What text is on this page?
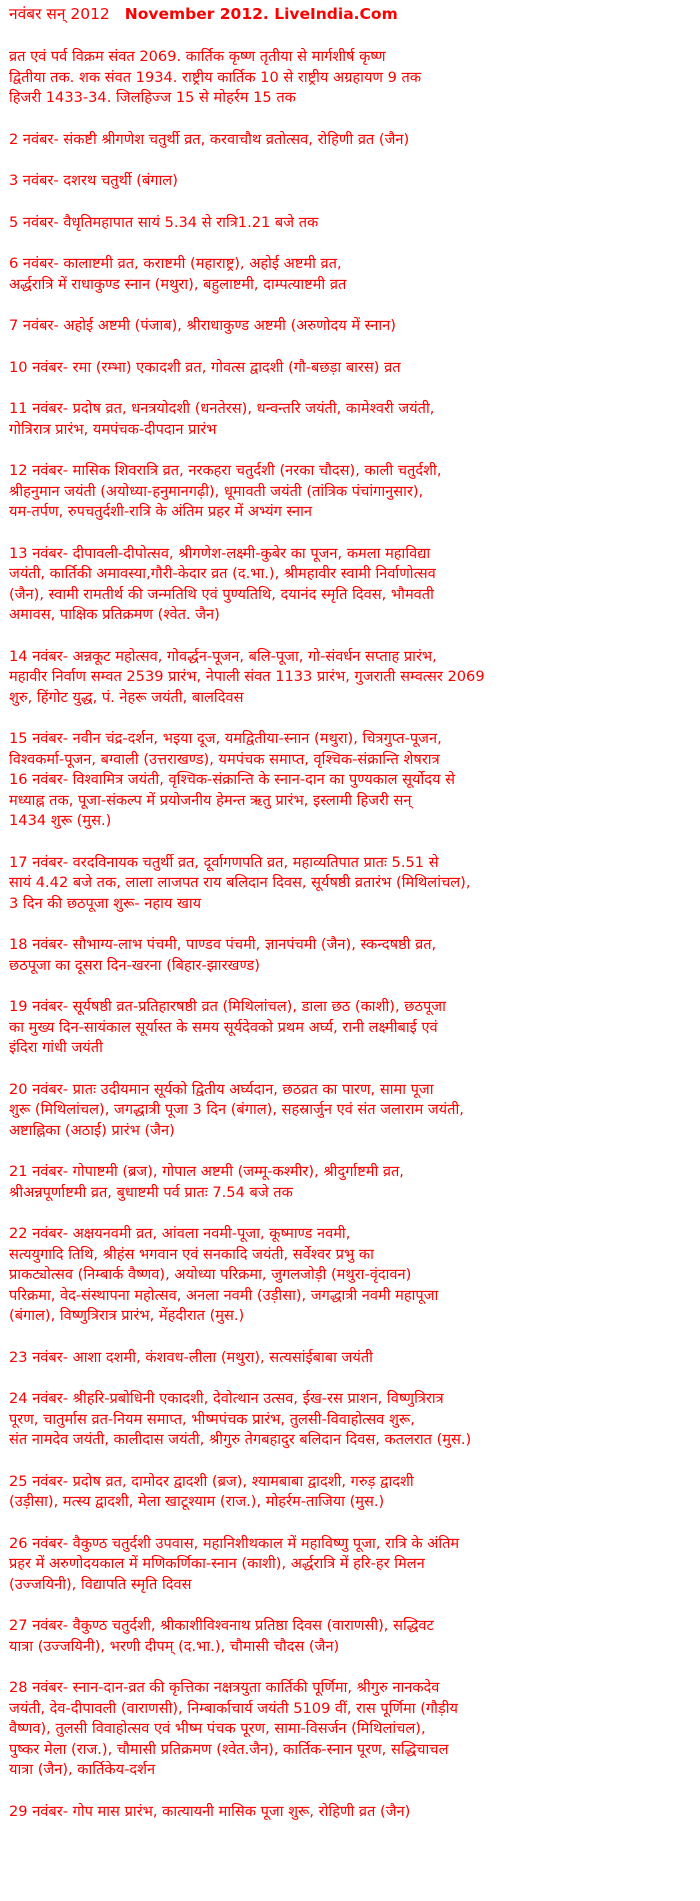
नवंबर सन् 2012 November 2012. LiveIndia.Com

व्रत एवं पर्व विक्रम संवत 2069. कार्तिक कृष्ण तृतीया से मार्गशीर्ष कृष्ण
द्वितीया तक. शक संवत 1934. राष्ट्रीय कार्तिक 10 से राष्ट्रीय अग्रहायण 9 तक
हिजरी 1433-34. जिलहिज्ज 15 से मोहर्रम 15 तक

2 नवंबर- संकष्टी श्रीगणेश चतुर्थी व्रत, करवाचौथ व्रतोत्सव, रोहिणी व्रत (जैन)

3 नवंबर- दशरथ चतुर्थी (बंगाल)

5 नवंबर- वैधृतिमहापात सायं 5.34 से रात्रि1.21 बजे तक

6 नवंबर- कालाष्टमी व्रत, कराष्टमी (महाराष्ट्र), अहोई अष्टमी व्रत,
अर्द्धरात्रि में राधाकुण्ड स्नान (मथुरा), बहुलाष्टमी, दाम्पत्याष्टमी व्रत

7 नवंबर- अहोई अष्टमी (पंजाब), श्रीराधाकुण्ड अष्टमी (अरुणोदय में स्नान)

10 नवंबर- रमा (रम्भा) एकादशी व्रत, गोवत्स द्वादशी (गौ-बछड़ा बारस) व्रत

11 नवंबर- प्रदोष व्रत, धनत्रयोदशी (धनतेरस), धन्वन्तरि जयंती, कामेश्वरी जयंती,
गोत्रिरात्र प्रारंभ, यमपंचक-दीपदान प्रारंभ

12 नवंबर- मासिक शिवरात्रि व्रत, नरकहरा चतुर्दशी (नरका चौदस), काली चतुर्दशी,
श्रीहनुमान जयंती (अयोध्या-हनुमानगढ़ी), धूमावती जयंती (तांत्रिक पंचांगानुसार),
यम-तर्पण, रुपचतुर्दशी-रात्रि के अंतिम प्रहर में अभ्यंग स्नान

13 नवंबर- दीपावली-दीपोत्सव, श्रीगणेश-लक्ष्मी-कुबेर का पूजन, कमला महाविद्या
जयंती, कार्तिकी अमावस्या,गौरी-केदार व्रत (द.भा.), श्रीमहावीर स्वामी निर्वाणोत्सव
(जैन), स्वामी रामतीर्थ की जन्मतिथि एवं पुण्यतिथि, दयानंद स्मृति दिवस, भौमवती
अमावस, पाक्षिक प्रतिक्रमण (श्वेत. जैन)

14 नवंबर- अन्नकूट महोत्सव, गोवर्द्धन-पूजन, बलि-पूजा, गो-संवर्धन सप्ताह प्रारंभ,
महावीर निर्वाण सम्वत 2539 प्रारंभ, नेपाली संवत 1133 प्रारंभ, गुजराती सम्वत्सर 2069
शुरु, हिंगोट युद्ध, पं. नेहरू जयंती, बालदिवस

15 नवंबर- नवीन चंद्र-दर्शन, भइया दूज, यमद्वितीया-स्नान (मथुरा), चित्रगुप्त-पूजन,
विश्वकर्मा-पूजन, बग्वाली (उत्तराखण्ड), यमपंचक समाप्त, वृश्चिक-संक्रान्ति शेषरात्र

16 नवंबर- विश्वामित्र जयंती, वृश्चिक-संक्रान्ति के स्नान-दान का पुण्यकाल सूर्योदय से
मध्याह्न तक, पूजा-संकल्प में प्रयोजनीय हेमन्त ऋतु प्रारंभ, इस्लामी हिजरी सन्
1434 शुरू (मुस.)

17 नवंबर- वरदविनायक चतुर्थी व्रत, दूर्वागणपति व्रत, महाव्यतिपात प्रातः 5.51 से
सायं 4.42 बजे तक, लाला लाजपत राय बलिदान दिवस, सूर्यषष्ठी व्रतारंभ (मिथिलांचल),
3 दिन की छठपूजा शुरू- नहाय खाय

18 नवंबर- सौभाग्य-लाभ पंचमी, पाण्डव पंचमी, ज्ञानपंचमी (जैन), स्कन्दषष्ठी व्रत,
छठपूजा का दूसरा दिन-खरना (बिहार-झारखण्ड)

19 नवंबर- सूर्यषष्ठी व्रत-प्रतिहारषष्ठी व्रत (मिथिलांचल), डाला छठ (काशी), छठपूजा
का मुख्य दिन-सायंकाल सूर्यास्त के समय सूर्यदेवको प्रथम अर्घ्य, रानी लक्ष्मीबाई एवं
इंदिरा गांधी जयंती

20 नवंबर- प्रातः उदीयमान सूर्यको द्वितीय अर्घ्यदान, छठव्रत का पारण, सामा पूजा
शुरू (मिथिलांचल), जगद्धात्री पूजा 3 दिन (बंगाल), सहस्रार्जुन एवं संत जलाराम जयंती,
अष्टाह्निका (अठाई) प्रारंभ (जैन)

21 नवंबर- गोपाष्टमी (ब्रज), गोपाल अष्टमी (जम्मू-कश्मीर), श्रीदुर्गाष्टमी व्रत,
श्रीअन्नपूर्णाष्टमी व्रत, बुधाष्टमी पर्व प्रातः 7.54 बजे तक

22 नवंबर- अक्षयनवमी व्रत, आंवला नवमी-पूजा, कूष्माण्ड नवमी,
सत्ययुगादि तिथि, श्रीहंस भगवान एवं सनकादि जयंती, सर्वेश्वर प्रभु का
प्राकट्योत्सव (निम्बार्क वैष्णव), अयोध्या परिक्रमा, जुगलजोड़ी (मथुरा-वृंदावन)
परिक्रमा, वेद-संस्थापना महोत्सव, अनला नवमी (उड़ीसा), जगद्धात्री नवमी महापूजा
(बंगाल), विष्णुत्रिरात्र प्रारंभ, मेंहदीरात (मुस.)

23 नवंबर- आशा दशमी, कंशवध-लीला (मथुरा), सत्यसांईबाबा जयंती

24 नवंबर- श्रीहरि-प्रबोधिनी एकादशी, देवोत्थान उत्सव, ईख-रस प्राशन, विष्णुत्रिरात्र
पूरण, चातुर्मास व्रत-नियम समाप्त, भीष्मपंचक प्रारंभ, तुलसी-विवाहोत्सव शुरू,
संत नामदेव जयंती, कालीदास जयंती, श्रीगुरु तेगबहादुर बलिदान दिवस, कतलरात (मुस.)

25 नवंबर- प्रदोष व्रत, दामोदर द्वादशी (ब्रज), श्यामबाबा द्वादशी, गरुड़ द्वादशी
(उड़ीसा), मत्स्य द्वादशी, मेला खाटूश्याम (राज.), मोहर्रम-ताजिया (मुस.)

26 नवंबर- वैकुण्ठ चतुर्दशी उपवास, महानिशीथकाल में महाविष्णु पूजा, रात्रि के अंतिम
प्रहर में अरुणोदयकाल में मणिकर्णिका-स्नान (काशी), अर्द्धरात्रि में हरि-हर मिलन
(उज्जयिनी), विद्यापति स्मृति दिवस

27 नवंबर- वैकुण्ठ चतुर्दशी, श्रीकाशीविश्वनाथ प्रतिष्ठा दिवस (वाराणसी), सद्धिवट
यात्रा (उज्जयिनी), भरणी दीपम् (द.भा.), चौमासी चौदस (जैन)

28 नवंबर- स्नान-दान-व्रत की कृत्तिका नक्षत्रयुता कार्तिकी पूर्णिमा, श्रीगुरु नानकदेव
जयंती, देव-दीपावली (वाराणसी), निम्बार्काचार्य जयंती 5109 वीं, रास पूर्णिमा (गौड़ीय
वैष्णव), तुलसी विवाहोत्सव एवं भीष्म पंचक पूरण, सामा-विसर्जन (मिथिलांचल),
पुष्कर मेला (राज.), चौमासी प्रतिक्रमण (श्वेत.जैन), कार्तिक-स्नान पूरण, सद्धिचाचल
यात्रा (जैन), कार्तिकेय-दर्शन

29 नवंबर- गोप मास प्रारंभ, कात्यायनी मासिक पूजा शुरू, रोहिणी व्रत (जैन)
